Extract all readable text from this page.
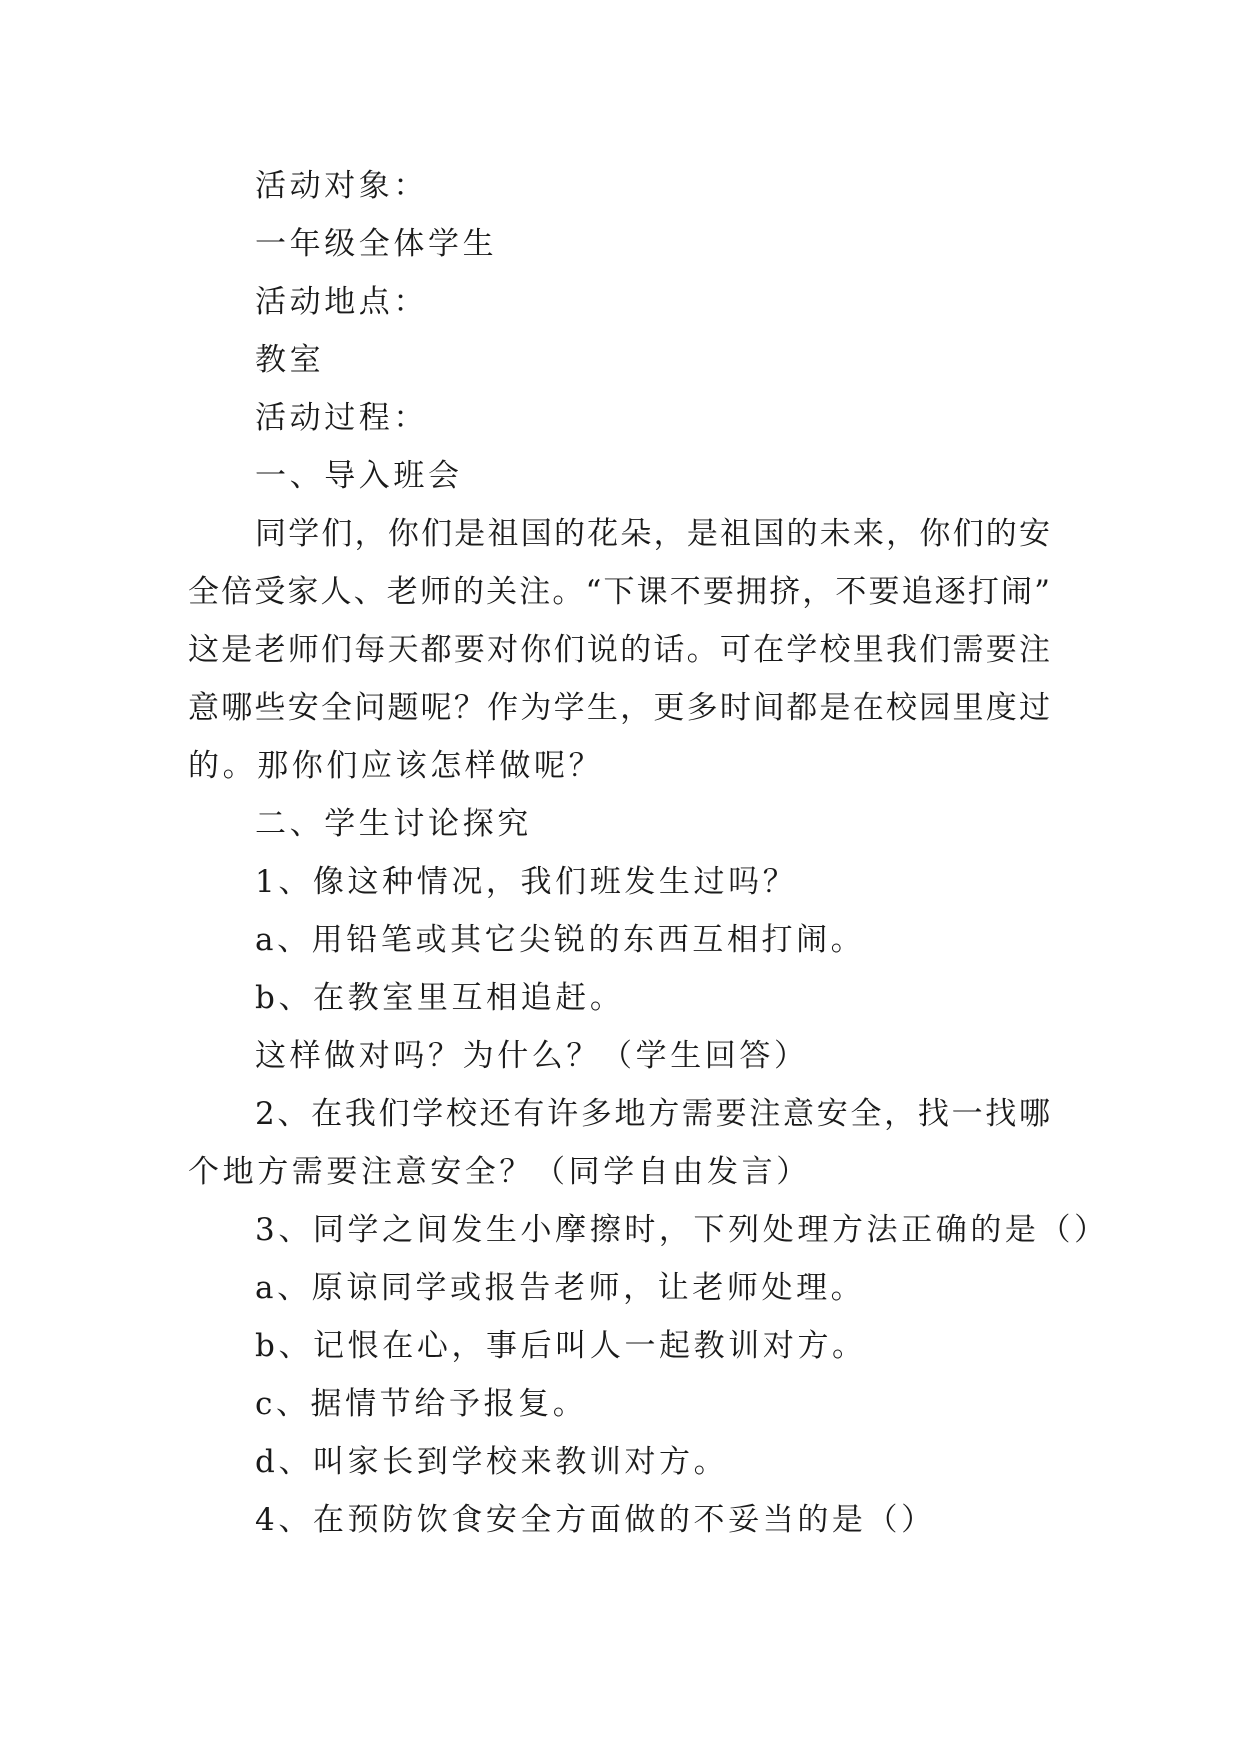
活动对象：
一年级全体学生
活动地点：
教室
活动过程：
一、导入班会
同学们，你们是祖国的花朵，是祖国的未来，你们的安
全倍受家人、老师的关注。“下课不要拥挤，不要追逐打闹”
这是老师们每天都要对你们说的话。可在学校里我们需要注
意哪些安全问题呢？作为学生，更多时间都是在校园里度过
的。那你们应该怎样做呢？
二、学生讨论探究
1、像这种情况，我们班发生过吗？
a、用铅笔或其它尖锐的东西互相打闹。
b、在教室里互相追赶。
这样做对吗？为什么？（学生回答）
2、在我们学校还有许多地方需要注意安全，找一找哪
个地方需要注意安全？（同学自由发言）
3、同学之间发生小摩擦时，下列处理方法正确的是（）
a、原谅同学或报告老师，让老师处理。
b、记恨在心，事后叫人一起教训对方。
c、据情节给予报复。
d、叫家长到学校来教训对方。
4、在预防饮食安全方面做的不妥当的是（）
